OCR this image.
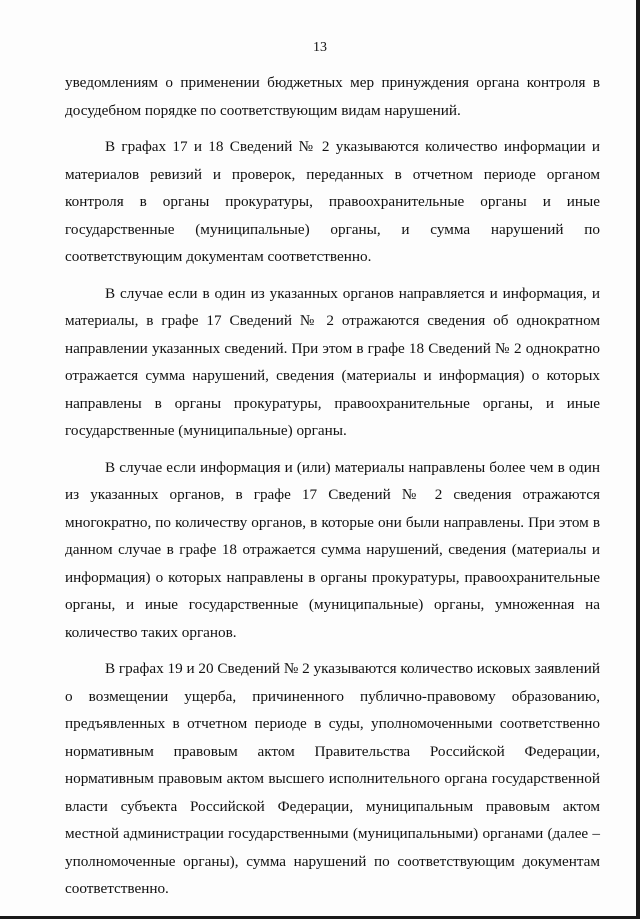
13

уведомлениям о применении бюджетных мер принуждения органа контроля в досудебном порядке по соответствующим видам нарушений.

В графах 17 и 18 Сведений № 2 указываются количество информации и материалов ревизий и проверок, переданных в отчетном периоде органом контроля в органы прокуратуры, правоохранительные органы и иные государственные (муниципальные) органы, и сумма нарушений по соответствующим документам соответственно.

В случае если в один из указанных органов направляется и информация, и материалы, в графе 17 Сведений № 2 отражаются сведения об однократном направлении указанных сведений. При этом в графе 18 Сведений № 2 однократно отражается сумма нарушений, сведения (материалы и информация) о которых направлены в органы прокуратуры, правоохранительные органы, и иные государственные (муниципальные) органы.

В случае если информация и (или) материалы направлены более чем в один из указанных органов, в графе 17 Сведений № 2 сведения отражаются многократно, по количеству органов, в которые они были направлены. При этом в данном случае в графе 18 отражается сумма нарушений, сведения (материалы и информация) о которых направлены в органы прокуратуры, правоохранительные органы, и иные государственные (муниципальные) органы, умноженная на количество таких органов.

В графах 19 и 20 Сведений № 2 указываются количество исковых заявлений о возмещении ущерба, причиненного публично-правовому образованию, предъявленных в отчетном периоде в суды, уполномоченными соответственно нормативным правовым актом Правительства Российской Федерации, нормативным правовым актом высшего исполнительного органа государственной власти субъекта Российской Федерации, муниципальным правовым актом местной администрации государственными (муниципальными) органами (далее – уполномоченные органы), сумма нарушений по соответствующим документам соответственно.
